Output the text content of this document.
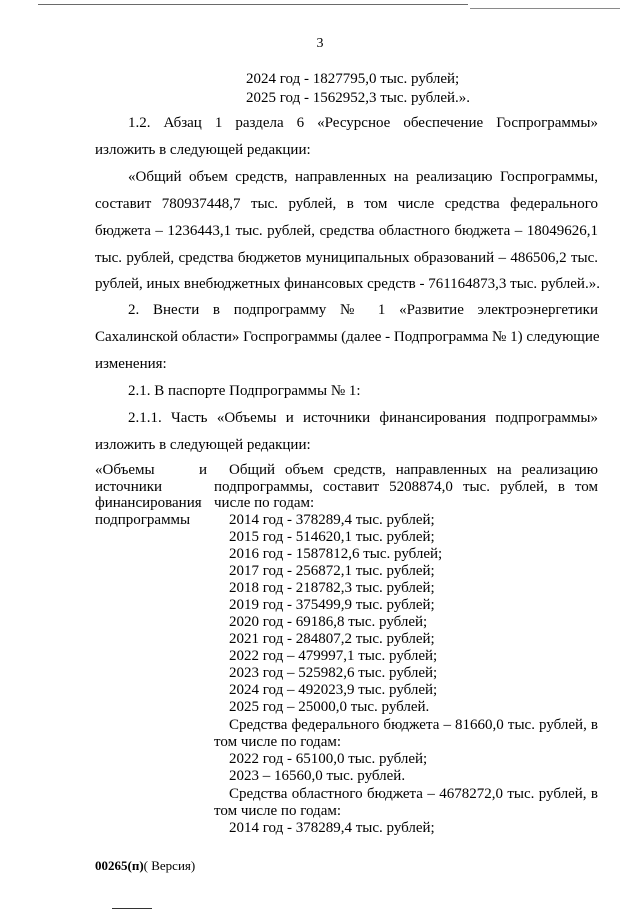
3
2024 год - 1827795,0 тыс. рублей;
2025 год - 1562952,3 тыс. рублей.».
1.2. Абзац 1 раздела 6 «Ресурсное обеспечение Госпрограммы»
изложить в следующей редакции:
«Общий объем средств, направленных на реализацию Госпрограммы,
составит 780937448,7 тыс. рублей, в том числе средства федерального
бюджета – 1236443,1 тыс. рублей, средства областного бюджета – 18049626,1
тыс. рублей, средства бюджетов муниципальных образований – 486506,2 тыс.
рублей, иных внебюджетных финансовых средств - 761164873,3 тыс. рублей.».
2. Внести в подпрограмму № 1 «Развитие электроэнергетики
Сахалинской области» Госпрограммы (далее - Подпрограмма № 1) следующие
изменения:
2.1. В паспорте Подпрограммы № 1:
2.1.1. Часть «Объемы и источники финансирования подпрограммы»
изложить в следующей редакции:
«Объемы	и
источники
финансирования
подпрограммы
Общий объем средств, направленных на реализацию
подпрограммы, составит 5208874,0 тыс. рублей, в том
числе по годам:
2014 год - 378289,4 тыс. рублей;
2015 год - 514620,1 тыс. рублей;
2016 год - 1587812,6 тыс. рублей;
2017 год - 256872,1 тыс. рублей;
2018 год - 218782,3 тыс. рублей;
2019 год - 375499,9 тыс. рублей;
2020 год - 69186,8 тыс. рублей;
2021 год - 284807,2 тыс. рублей;
2022 год – 479997,1 тыс. рублей;
2023 год – 525982,6 тыс. рублей;
2024 год – 492023,9 тыс. рублей;
2025 год – 25000,0 тыс. рублей.
Средства федерального бюджета – 81660,0 тыс. рублей, в
том числе по годам:
2022 год - 65100,0 тыс. рублей;
2023 – 16560,0 тыс. рублей.
Средства областного бюджета – 4678272,0 тыс. рублей, в
том числе по годам:
2014 год - 378289,4 тыс. рублей;
00265(п)( Версия)
